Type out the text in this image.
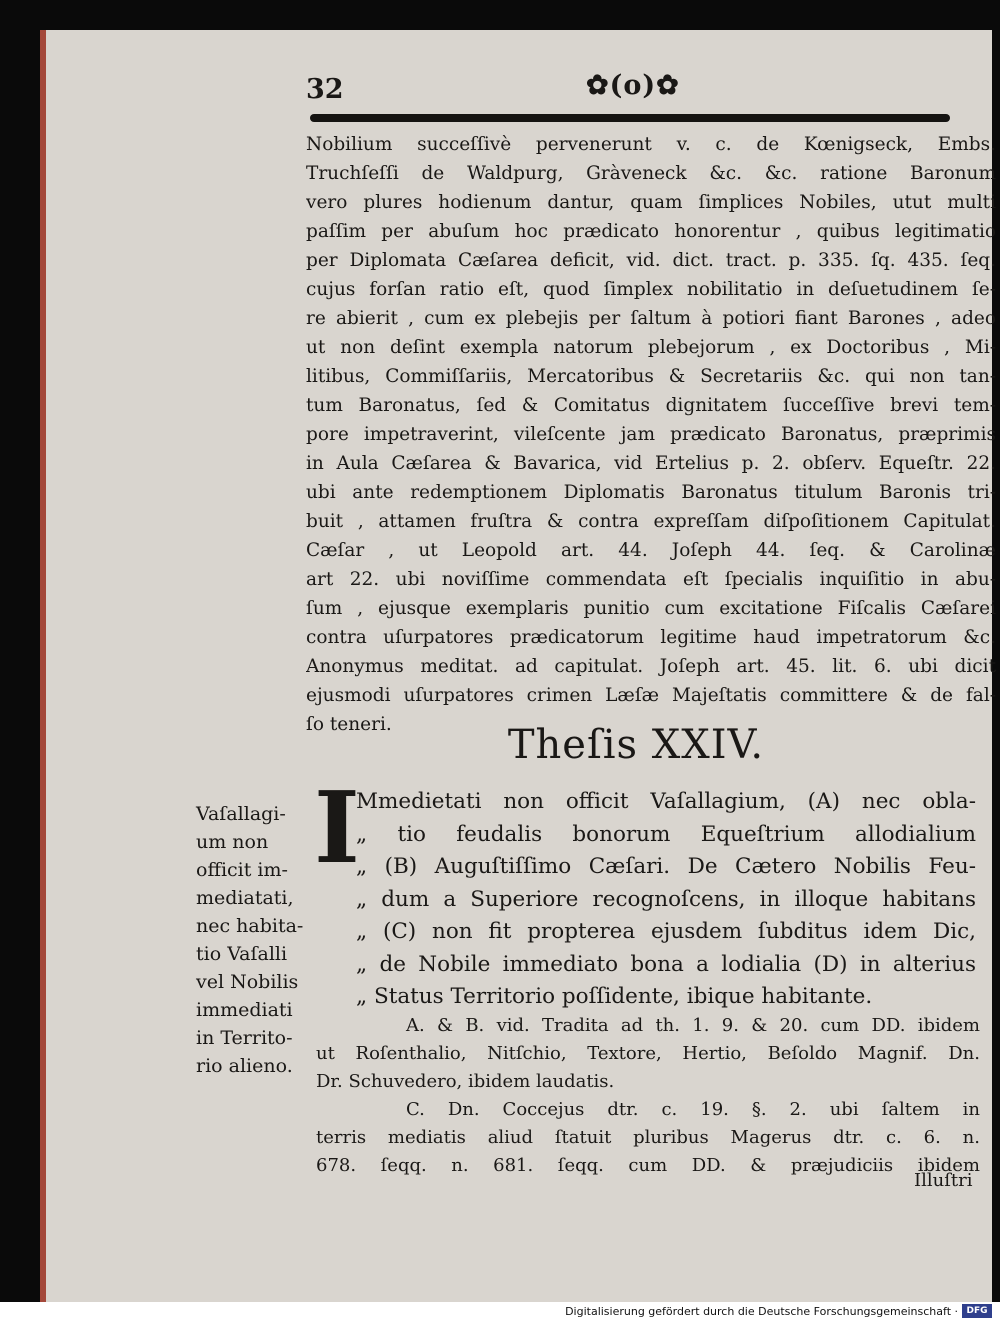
32	✿(o)✿
Nobilium succeſſivè pervenerunt v. c. de Kœnigseck, Embs.
Truchſeſſi de Waldpurg, Gràveneck &c. &c. ratione Baronum
vero plures hodienum dantur, quam ſimplices Nobiles, utut multi
paſſim per abuſum hoc prædicato honorentur , quibus legitimatio
per Diplomata Cæſarea deficit, vid. dict. tract. p. 335. ſq. 435. ſeq.
cujus forſan ratio eſt, quod ſimplex nobilitatio in deſuetudinem ſe-
re abierit , cum ex plebejis per ſaltum à potiori fiant Barones , adeo
ut non deſint exempla natorum plebejorum , ex Doctoribus , Mi-
litibus, Commiſſariis, Mercatoribus & Secretariis &c. qui non tan-
tum Baronatus, ſed & Comitatus dignitatem ſucceſſive brevi tem-
pore impetraverint, vileſcente jam prædicato Baronatus, præprimis
in Aula Cæſarea & Bavarica, vid Ertelius p. 2. obſerv. Equeſtr. 22.
ubi ante redemptionem Diplomatis Baronatus titulum Baronis tri-
buit , attamen fruſtra & contra expreſſam diſpoſitionem Capitulat.
Cæſar , ut Leopold art. 44. Joſeph 44. ſeq. & Carolinæ
art 22. ubi noviſſime commendata eſt ſpecialis inquiſitio in abu-
ſum , ejusque exemplaris punitio cum excitatione Fiſcalis Cæſarei
contra uſurpatores prædicatorum legitime haud impetratorum &c.
Anonymus meditat. ad capitulat. Joſeph art. 45. lit. 6. ubi dicit
ejusmodi uſurpatores crimen Læſæ Majeſtatis committere & de fal-
ſo teneri.	Theſis XXIV.
Vaſallagi-
um non
officit im-
mediatati,
nec habita-
tio Vaſalli
vel Nobilis
immediati
in Territo-
rio alieno.
I
Mmedietati non officit Vaſallagium, (A) nec obla-
„ tio feudalis bonorum Equeſtrium allodialium
„ (B) Auguſtiſſimo Cæſari. De Cætero Nobilis Feu-
„ dum a Superiore recognoſcens, in illoque habitans
„ (C) non fit propterea ejusdem ſubditus idem Dic,
„ de Nobile immediato bona a lodialia (D) in alterius
„ Status Territorio poſſidente, ibique habitante.
A. & B. vid. Tradita ad th. 1. 9. & 20. cum DD. ibidem
ut Roſenthalio, Nitſchio, Textore, Hertio, Beſoldo Magnif. Dn.
Dr. Schuvedero, ibidem laudatis.
C. Dn. Coccejus dtr. c. 19. §. 2. ubi ſaltem in
terris mediatis aliud ſtatuit pluribus Magerus dtr. c. 6. n.
678. ſeqq. n. 681. ſeqq. cum DD. & præjudiciis ibidem
Illuſtri
Digitalisierung gefördert durch die Deutsche Forschungsgemeinschaft · DFG
